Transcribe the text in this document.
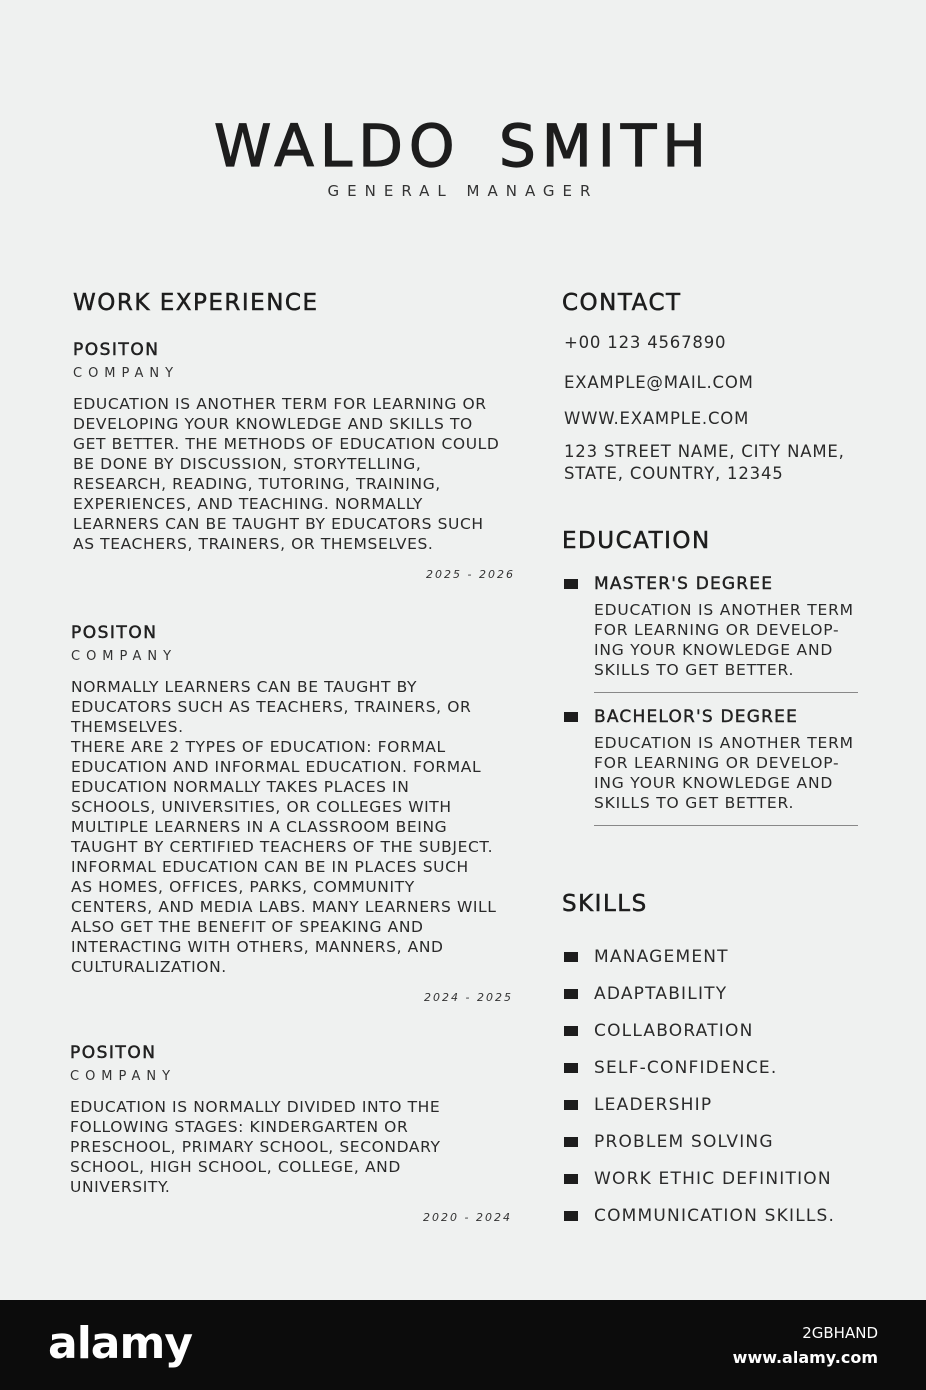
WALDO SMITH
GENERAL MANAGER
WORK EXPERIENCE
POSITON
COMPANY
EDUCATION IS ANOTHER TERM FOR LEARNING OR
DEVELOPING YOUR KNOWLEDGE AND SKILLS TO
GET BETTER. THE METHODS OF EDUCATION COULD
BE DONE BY DISCUSSION, STORYTELLING,
RESEARCH, READING, TUTORING, TRAINING,
EXPERIENCES, AND TEACHING. NORMALLY
LEARNERS CAN BE TAUGHT BY EDUCATORS SUCH
AS TEACHERS, TRAINERS, OR THEMSELVES.
2025 - 2026
POSITON
COMPANY
NORMALLY LEARNERS CAN BE TAUGHT BY
EDUCATORS SUCH AS TEACHERS, TRAINERS, OR
THEMSELVES.
THERE ARE 2 TYPES OF EDUCATION: FORMAL
EDUCATION AND INFORMAL EDUCATION. FORMAL
EDUCATION NORMALLY TAKES PLACES IN
SCHOOLS, UNIVERSITIES, OR COLLEGES WITH
MULTIPLE LEARNERS IN A CLASSROOM BEING
TAUGHT BY CERTIFIED TEACHERS OF THE SUBJECT.
INFORMAL EDUCATION CAN BE IN PLACES SUCH
AS HOMES, OFFICES, PARKS, COMMUNITY
CENTERS, AND MEDIA LABS. MANY LEARNERS WILL
ALSO GET THE BENEFIT OF SPEAKING AND
INTERACTING WITH OTHERS, MANNERS, AND
CULTURALIZATION.
2024 - 2025
POSITON
COMPANY
EDUCATION IS NORMALLY DIVIDED INTO THE
FOLLOWING STAGES: KINDERGARTEN OR
PRESCHOOL, PRIMARY SCHOOL, SECONDARY
SCHOOL, HIGH SCHOOL, COLLEGE, AND
UNIVERSITY.
2020 - 2024
CONTACT
+00 123 4567890
EXAMPLE@MAIL.COM
WWW.EXAMPLE.COM
123 STREET NAME, CITY NAME,
STATE, COUNTRY, 12345
EDUCATION
MASTER'S DEGREE
EDUCATION IS ANOTHER TERM
FOR LEARNING OR DEVELOP-
ING YOUR KNOWLEDGE AND
SKILLS TO GET BETTER.
BACHELOR'S DEGREE
EDUCATION IS ANOTHER TERM
FOR LEARNING OR DEVELOP-
ING YOUR KNOWLEDGE AND
SKILLS TO GET BETTER.
SKILLS
MANAGEMENT
ADAPTABILITY
COLLABORATION
SELF-CONFIDENCE.
LEADERSHIP
PROBLEM SOLVING
WORK ETHIC DEFINITION
COMMUNICATION SKILLS.
alamy	2GBHAND
www.alamy.com
